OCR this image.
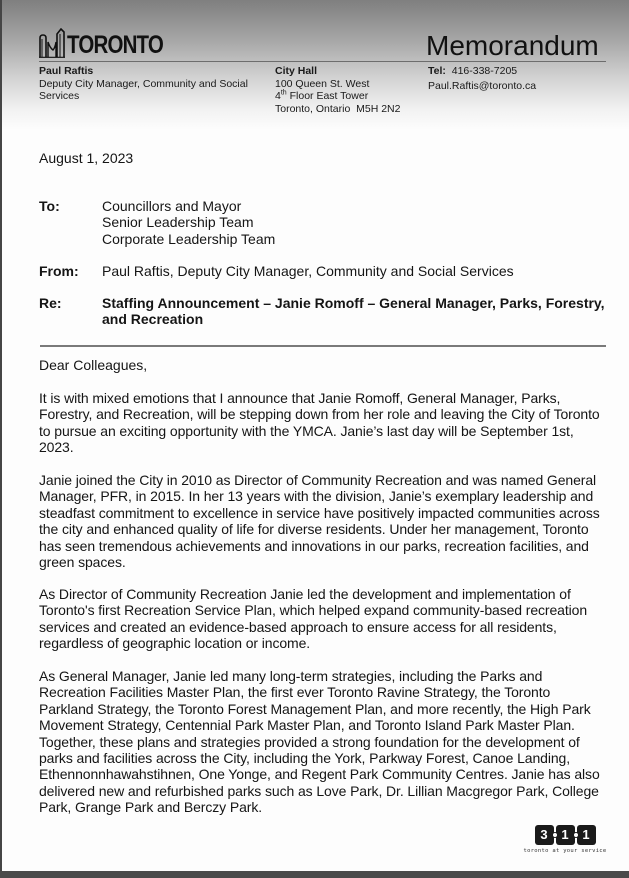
TORONTO	Memorandum
Paul Raftis
Deputy City Manager, Community and Social
Services
City Hall
100 Queen St. West
4th Floor East Tower
Toronto, Ontario  M5H 2N2
Tel: 416-338-7205
Paul.Raftis@toronto.ca
August 1, 2023
To:	Councillors and Mayor
Senior Leadership Team
Corporate Leadership Team
From: Paul Raftis, Deputy City Manager, Community and Social Services
Re:	Staffing Announcement – Janie Romoff – General Manager, Parks, Forestry,
and Recreation
Dear Colleagues,

It is with mixed emotions that I announce that Janie Romoff, General Manager, Parks,
Forestry, and Recreation, will be stepping down from her role and leaving the City of Toronto
to pursue an exciting opportunity with the YMCA. Janie’s last day will be September 1st,
2023.

Janie joined the City in 2010 as Director of Community Recreation and was named General
Manager, PFR, in 2015. In her 13 years with the division, Janie’s exemplary leadership and
steadfast commitment to excellence in service have positively impacted communities across
the city and enhanced quality of life for diverse residents. Under her management, Toronto
has seen tremendous achievements and innovations in our parks, recreation facilities, and
green spaces.

As Director of Community Recreation Janie led the development and implementation of
Toronto's first Recreation Service Plan, which helped expand community-based recreation
services and created an evidence-based approach to ensure access for all residents,
regardless of geographic location or income.

As General Manager, Janie led many long-term strategies, including the Parks and
Recreation Facilities Master Plan, the first ever Toronto Ravine Strategy, the Toronto
Parkland Strategy, the Toronto Forest Management Plan, and more recently, the High Park
Movement Strategy, Centennial Park Master Plan, and Toronto Island Park Master Plan.
Together, these plans and strategies provided a strong foundation for the development of
parks and facilities across the City, including the York, Parkway Forest, Canoe Landing,
Ethennonnhawahstihnen, One Yonge, and Regent Park Community Centres. Janie has also
delivered new and refurbished parks such as Love Park, Dr. Lillian Macgregor Park, College
Park, Grange Park and Berczy Park.

3	1	1
toronto at your service
